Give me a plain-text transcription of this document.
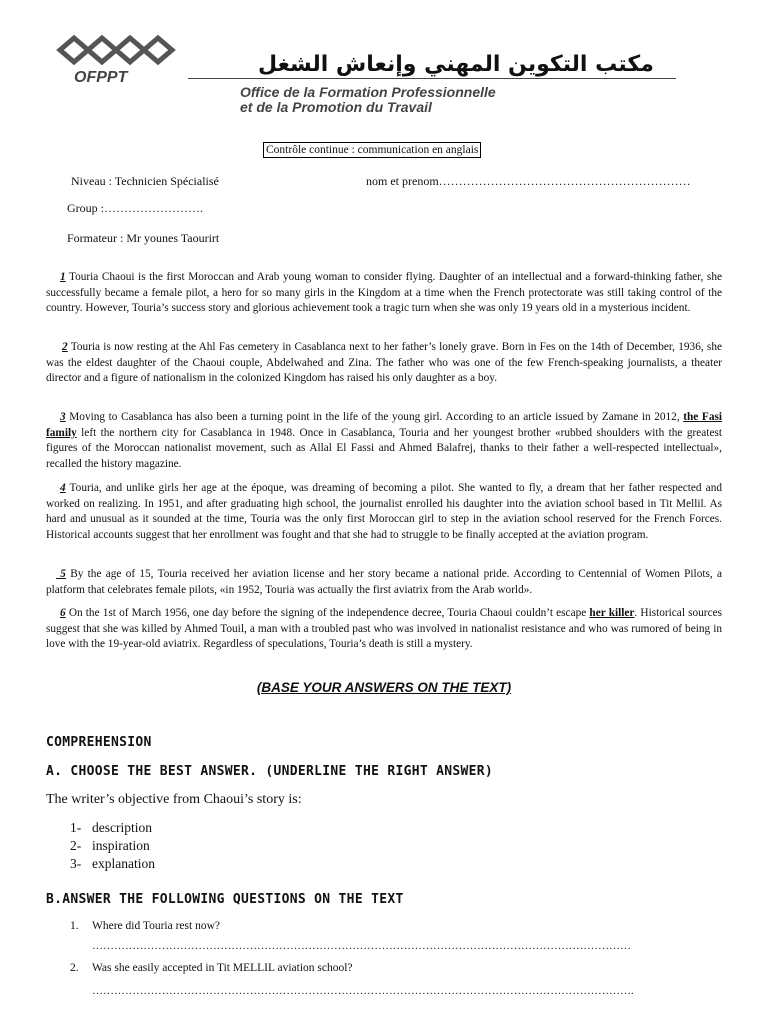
OFPPT
مكتب التكوين المهني وإنعاش الشغل
Office de la Formation Professionnelle
et de la Promotion du Travail
Contrôle continue : communication en anglais
Niveau : Technicien Spécialisé	nom et prenom………………………………………………………
Group :…………………….
Formateur : Mr younes Taourirt
1 Touria Chaoui is the first Moroccan and Arab young woman to consider flying. Daughter of an intellectual and a forward-thinking father, she successfully became a female pilot, a hero for so many girls in the Kingdom at a time when the French protectorate was still taking control of the country. However, Touria’s success story and glorious achievement took a tragic turn when she was only 19 years old in a mysterious incident.
2 Touria is now resting at the Ahl Fas cemetery in Casablanca next to her father’s lonely grave. Born in Fes on the 14th of December, 1936, she was the eldest daughter of the Chaoui couple, Abdelwahed and Zina. The father who was one of the few French-speaking journalists, a theater director and a figure of nationalism in the colonized Kingdom has raised his only daughter as a boy.
3 Moving to Casablanca has also been a turning point in the life of the young girl. According to an article issued by Zamane in 2012, the Fasi family left the northern city for Casablanca in 1948. Once in Casablanca, Touria and her youngest brother «rubbed shoulders with the greatest figures of the Moroccan nationalist movement, such as Allal El Fassi and Ahmed Balafrej, thanks to their father a well-respected intellectual», recalled the history magazine.
4 Touria, and unlike girls her age at the époque, was dreaming of becoming a pilot. She wanted to fly, a dream that her father respected and worked on realizing. In 1951, and after graduating high school, the journalist enrolled his daughter into the aviation school based in Tit Mellil. As hard and unusual as it sounded at the time, Touria was the only first Moroccan girl to step in the aviation school reserved for the French Forces. Historical accounts suggest that her enrollment was fought and that she had to struggle to be finally accepted at the aviation program.
5 By the age of 15, Touria received her aviation license and her story became a national pride. According to Centennial of Women Pilots, a platform that celebrates female pilots, «in 1952, Touria was actually the first aviatrix from the Arab world».
6 On the 1st of March 1956, one day before the signing of the independence decree, Touria Chaoui couldn’t escape her killer. Historical sources suggest that she was killed by Ahmed Touil, a man with a troubled past who was involved in nationalist resistance and who was rumored of being in love with the 19-year-old aviatrix. Regardless of speculations, Touria’s death is still a mystery.
(BASE YOUR ANSWERS ON THE TEXT)
COMPREHENSION
A. CHOOSE THE BEST ANSWER. (UNDERLINE THE RIGHT ANSWER)
The writer’s objective from Chaoui’s story is:
1- description
2- inspiration
3- explanation
B.ANSWER THE FOLLOWING QUESTIONS ON THE TEXT
1. Where did Touria rest now?
…………………………………………………………………………………………………………………………………
2. Was she easily accepted in Tit MELLIL aviation school?
………………………………………………………………………………………………………………………………….
